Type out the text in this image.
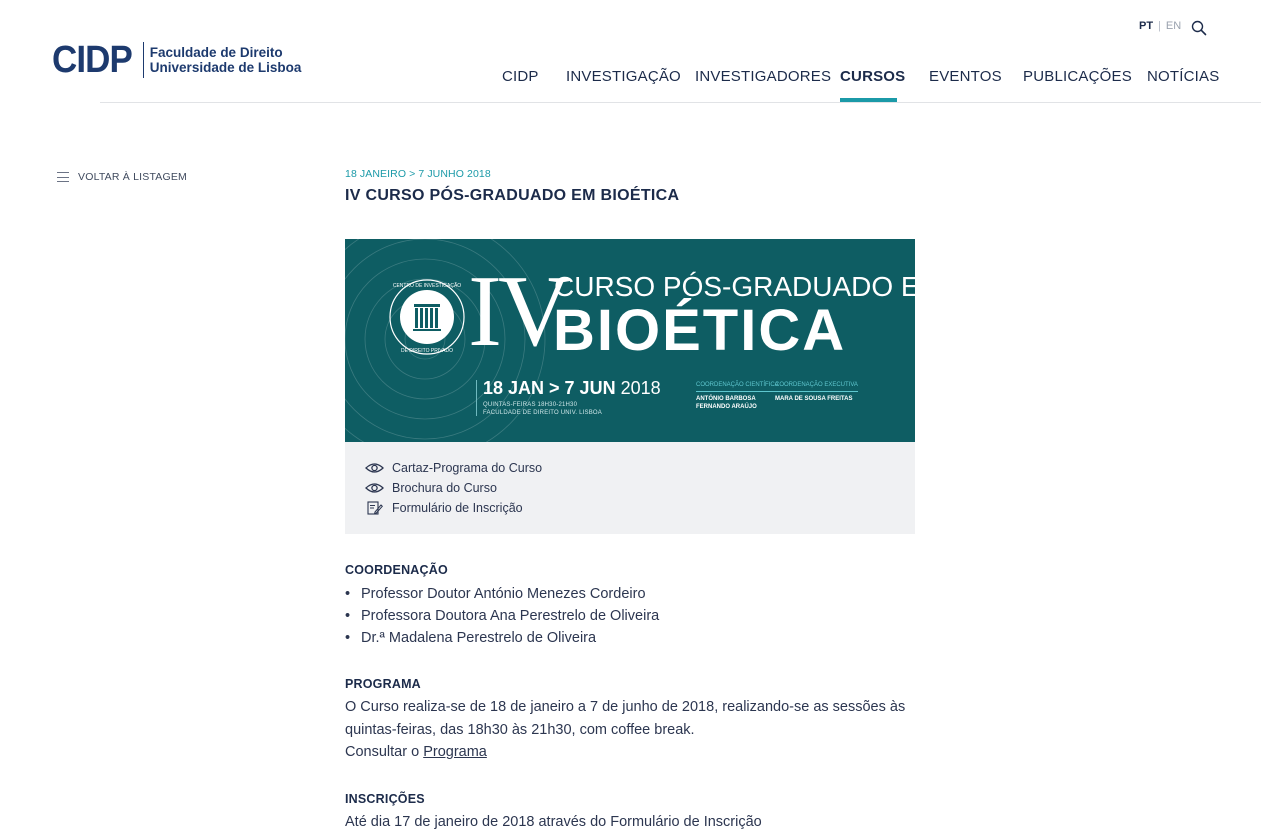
CIDP Faculdade de Direito
Universidade de Lisboa
PT | EN
CIDP INVESTIGAÇÃO INVESTIGADORES CURSOS EVENTOS PUBLICAÇÕES NOTÍCIAS
VOLTAR À LISTAGEM	18 JANEIRO > 7 JUNHO 2018
IV CURSO PÓS-GRADUADO EM BIOÉTICA
CENTRO DE INVESTIGAÇÃO
DE DIREITO PRIVADO IV
CURSO PÓS-GRADUADO EM
BIOÉTICA
18 JAN > 7 JUN 2018
QUINTAS-FEIRAS 18H30-21H30
FACULDADE DE DIREITO UNIV. LISBOA
COORDENAÇÃO CIENTÍFICA
ANTÓNIO BARBOSA
FERNANDO ARAÚJO
COORDENAÇÃO EXECUTIVA
MARA DE SOUSA FREITAS
Cartaz-Programa do Curso
Brochura do Curso
Formulário de Inscrição
COORDENAÇÃO
• Professor Doutor António Menezes Cordeiro
• Professora Doutora Ana Perestrelo de Oliveira
• Dr.ª Madalena Perestrelo de Oliveira
PROGRAMA

O Curso realiza-se de 18 de janeiro a 7 de junho de 2018, realizando-se as sessões às quintas-feiras, das 18h30 às 21h30, com coffee break.
Consultar o Programa

INSCRIÇÕES

Até dia 17 de janeiro de 2018 através do Formulário de Inscrição
